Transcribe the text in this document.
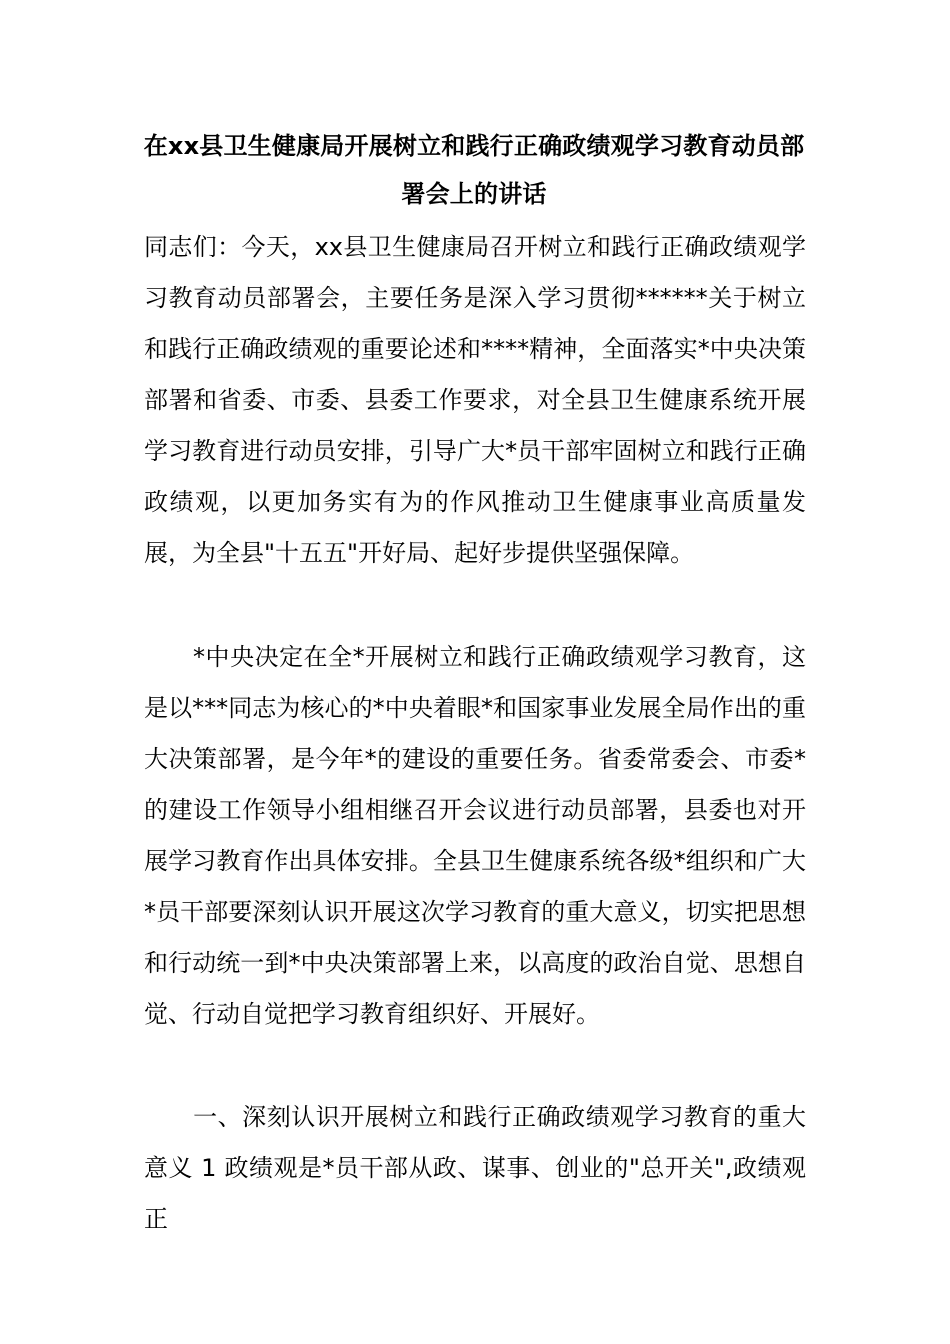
在xx县卫生健康局开展树立和践行正确政绩观学习教育动员部署会上的讲话

同志们：今天，xx县卫生健康局召开树立和践行正确政绩观学习教育动员部署会，主要任务是深入学习贯彻******关于树立和践行正确政绩观的重要论述和****精神，全面落实*中央决策部署和省委、市委、县委工作要求，对全县卫生健康系统开展学习教育进行动员安排，引导广大*员干部牢固树立和践行正确政绩观，以更加务实有为的作风推动卫生健康事业高质量发展，为全县"十五五"开好局、起好步提供坚强保障。

　　*中央决定在全*开展树立和践行正确政绩观学习教育，这是以***同志为核心的*中央着眼*和国家事业发展全局作出的重大决策部署，是今年*的建设的重要任务。省委常委会、市委*的建设工作领导小组相继召开会议进行动员部署，县委也对开展学习教育作出具体安排。全县卫生健康系统各级*组织和广大*员干部要深刻认识开展这次学习教育的重大意义，切实把思想和行动统一到*中央决策部署上来，以高度的政治自觉、思想自觉、行动自觉把学习教育组织好、开展好。

　　一、深刻认识开展树立和践行正确政绩观学习教育的重大意义 1 政绩观是*员干部从政、谋事、创业的"总开关",政绩观正
